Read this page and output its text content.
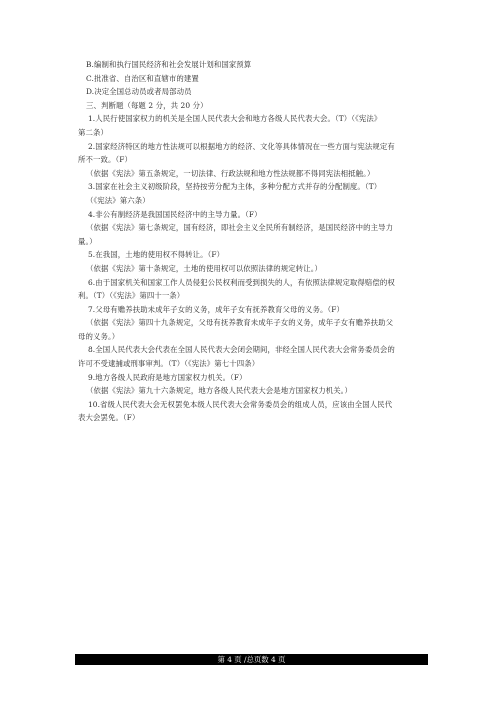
B.编制和执行国民经济和社会发展计划和国家预算
C.批准省、自治区和直辖市的建置
D.决定全国总动员或者局部动员
三、判断题（每题 2 分，共 20 分）
1.人民行使国家权力的机关是全国人民代表大会和地方各级人民代表大会。（T）（《宪法》
第二条）
2.国家经济特区的地方性法规可以根据地方的经济、文化等具体情况在一些方面与宪法规定有
所不一致。（F）
（依据《宪法》第五条规定，一切法律、行政法规和地方性法规都不得同宪法相抵触。）
3.国家在社会主义初级阶段，坚持按劳分配为主体，多种分配方式并存的分配制度。（T）
（《宪法》第六条）
4.非公有制经济是我国国民经济中的主导力量。（F）
（依据《宪法》第七条规定，国有经济，即社会主义全民所有制经济，是国民经济中的主导力
量。）
5.在我国，土地的使用权不得转让。（F）
（依据《宪法》第十条规定，土地的使用权可以依照法律的规定转让。）
6.由于国家机关和国家工作人员侵犯公民权利而受到损失的人，有依照法律规定取得赔偿的权
利。（T）（《宪法》第四十一条）
7.父母有赡养扶助未成年子女的义务，成年子女有抚养教育父母的义务。（F）
（依据《宪法》第四十九条规定，父母有抚养教育未成年子女的义务，成年子女有赡养扶助父
母的义务。）
8.全国人民代表大会代表在全国人民代表大会闭会期间，非经全国人民代表大会常务委员会的
许可不受逮捕或刑事审判。（T）（《宪法》第七十四条）
9.地方各级人民政府是地方国家权力机关。（F）
（依据《宪法》第九十六条规定，地方各级人民代表大会是地方国家权力机关。）
10.省级人民代表大会无权罢免本级人民代表大会常务委员会的组成人员，应该由全国人民代
表大会罢免。（F）
第 4 页 /总页数 4 页
